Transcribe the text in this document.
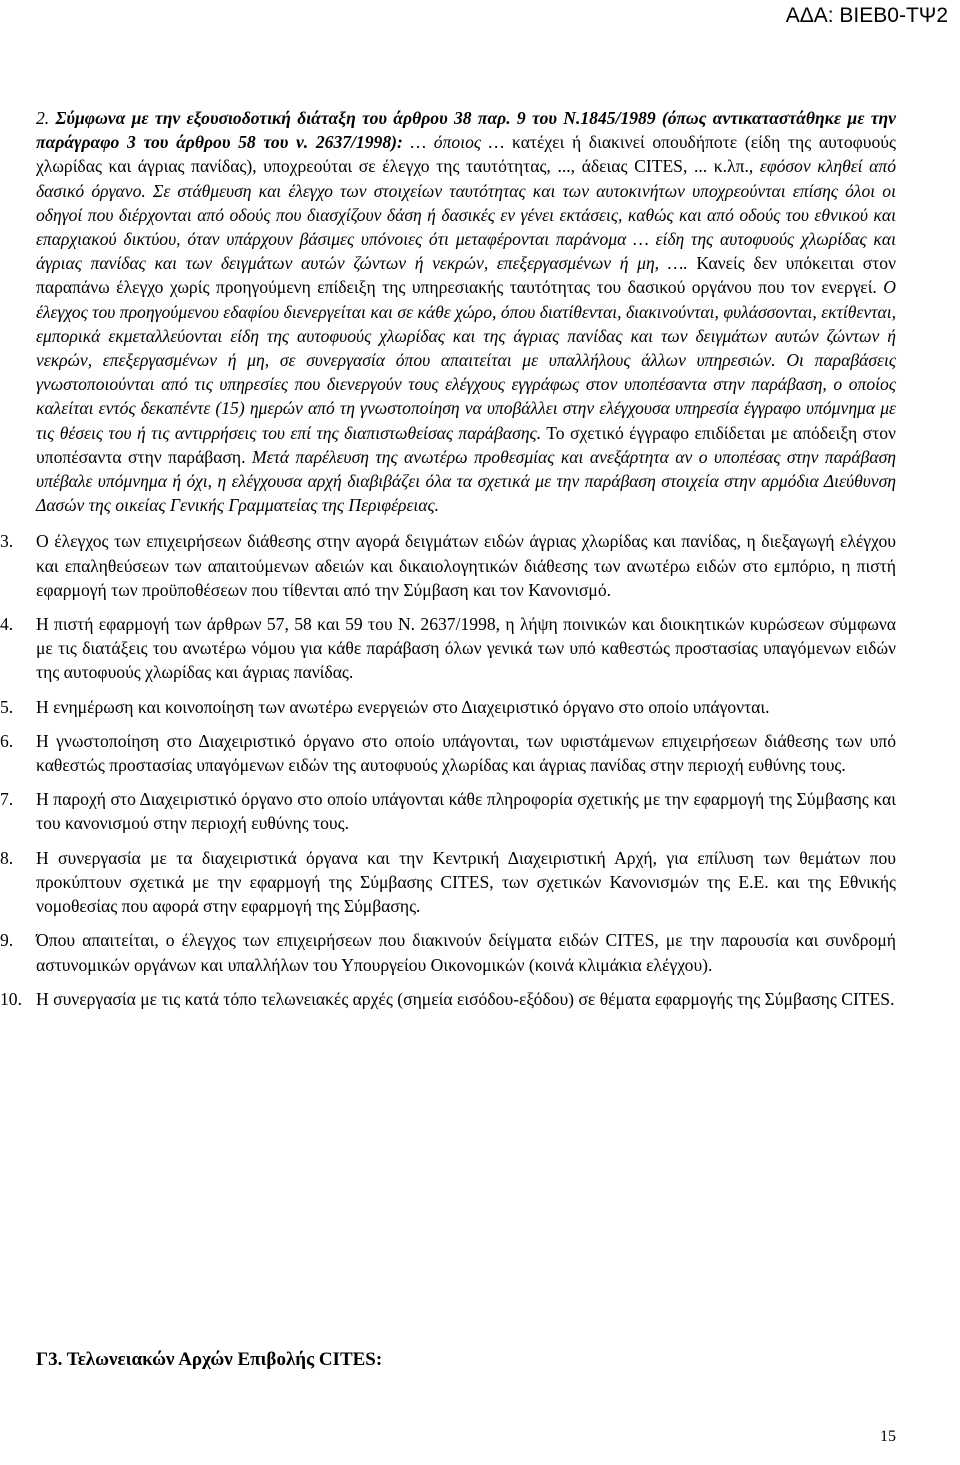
ΑΔΑ: ΒΙΕΒ0-ΤΨ2
2. Σύμφωνα με την εξουσιοδοτική διάταξη του άρθρου 38 παρ. 9 του Ν.1845/1989 (όπως αντικαταστάθηκε με την παράγραφο 3 του άρθρου 58 του ν. 2637/1998): … όποιος … κατέχει ή διακινεί οπουδήποτε (είδη της αυτοφυούς χλωρίδας και άγριας πανίδας), υποχρεούται σε έλεγχο της ταυτότητας, ..., άδειας CITES, ... κ.λπ., εφόσον κληθεί από δασικό όργανο. Σε στάθμευση και έλεγχο των στοιχείων ταυτότητας και των αυτοκινήτων υποχρεούνται επίσης όλοι οι οδηγοί που διέρχονται από οδούς που διασχίζουν δάση ή δασικές εν γένει εκτάσεις, καθώς και από οδούς του εθνικού και επαρχιακού δικτύου, όταν υπάρχουν βάσιμες υπόνοιες ότι μεταφέρονται παράνομα … είδη της αυτοφυούς χλωρίδας και άγριας πανίδας και των δειγμάτων αυτών ζώντων ή νεκρών, επεξεργασμένων ή μη, …. Κανείς δεν υπόκειται στον παραπάνω έλεγχο χωρίς προηγούμενη επίδειξη της υπηρεσιακής ταυτότητας του δασικού οργάνου που τον ενεργεί. Ο έλεγχος του προηγούμενου εδαφίου διενεργείται και σε κάθε χώρο, όπου διατίθενται, διακινούνται, φυλάσσονται, εκτίθενται, εμπορικά εκμεταλλεύονται είδη της αυτοφυούς χλωρίδας και της άγριας πανίδας και των δειγμάτων αυτών ζώντων ή νεκρών, επεξεργασμένων ή μη, σε συνεργασία όπου απαιτείται με υπαλλήλους άλλων υπηρεσιών. Οι παραβάσεις γνωστοποιούνται από τις υπηρεσίες που διενεργούν τους ελέγχους εγγράφως στον υποπέσαντα στην παράβαση, ο οποίος καλείται εντός δεκαπέντε (15) ημερών από τη γνωστοποίηση να υποβάλλει στην ελέγχουσα υπηρεσία έγγραφο υπόμνημα με τις θέσεις του ή τις αντιρρήσεις του επί της διαπιστωθείσας παράβασης. Το σχετικό έγγραφο επιδίδεται με απόδειξη στον υποπέσαντα στην παράβαση. Μετά παρέλευση της ανωτέρω προθεσμίας και ανεξάρτητα αν ο υποπέσας στην παράβαση υπέβαλε υπόμνημα ή όχι, η ελέγχουσα αρχή διαβιβάζει όλα τα σχετικά με την παράβαση στοιχεία στην αρμόδια Διεύθυνση Δασών της οικείας Γενικής Γραμματείας της Περιφέρειας.
3.	Ο έλεγχος των επιχειρήσεων διάθεσης στην αγορά δειγμάτων ειδών άγριας χλωρίδας και πανίδας, η διεξαγωγή ελέγχου και επαληθεύσεων των απαιτούμενων αδειών και δικαιολογητικών διάθεσης των ανωτέρω ειδών στο εμπόριο, η πιστή εφαρμογή των προϋποθέσεων που τίθενται από την Σύμβαση και τον Κανονισμό.
4.	Η πιστή εφαρμογή των άρθρων 57, 58 και 59 του Ν. 2637/1998, η λήψη ποινικών και διοικητικών κυρώσεων σύμφωνα με τις διατάξεις του ανωτέρω νόμου για κάθε παράβαση όλων γενικά των υπό καθεστώς προστασίας υπαγόμενων ειδών της αυτοφυούς χλωρίδας και άγριας πανίδας.
5.	Η ενημέρωση και κοινοποίηση των ανωτέρω ενεργειών στο Διαχειριστικό όργανο στο οποίο υπάγονται.
6.	Η γνωστοποίηση στο Διαχειριστικό όργανο στο οποίο υπάγονται, των υφιστάμενων επιχειρήσεων διάθεσης των υπό καθεστώς προστασίας υπαγόμενων ειδών της αυτοφυούς χλωρίδας και άγριας πανίδας στην περιοχή ευθύνης τους.
7.	Η παροχή στο Διαχειριστικό όργανο στο οποίο υπάγονται κάθε πληροφορία σχετικής με την εφαρμογή της Σύμβασης και του κανονισμού στην περιοχή ευθύνης τους.
8.	Η συνεργασία με τα διαχειριστικά όργανα και την Κεντρική Διαχειριστική Αρχή, για επίλυση των θεμάτων που προκύπτουν σχετικά με την εφαρμογή της Σύμβασης CITES, των σχετικών Κανονισμών της Ε.Ε. και της Εθνικής νομοθεσίας που αφορά στην εφαρμογή της Σύμβασης.
9.	Όπου απαιτείται, ο έλεγχος των επιχειρήσεων που διακινούν δείγματα ειδών CITES, με την παρουσία και συνδρομή αστυνομικών οργάνων και υπαλλήλων του Υπουργείου Οικονομικών (κοινά κλιμάκια ελέγχου).
10. Η συνεργασία με τις κατά τόπο τελωνειακές αρχές (σημεία εισόδου-εξόδου) σε θέματα εφαρμογής της Σύμβασης CITES.
Γ3. Τελωνειακών Αρχών Επιβολής CITES:
15
